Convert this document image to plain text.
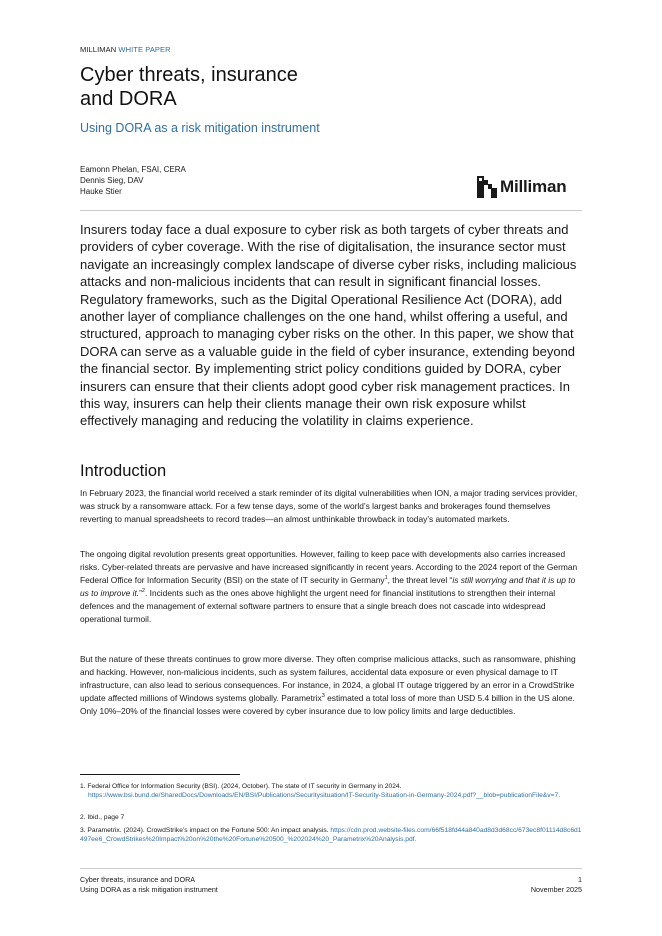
MILLIMAN WHITE PAPER
Cyber threats, insurance
and DORA
Using DORA as a risk mitigation instrument
Eamonn Phelan, FSAI, CERA
Dennis Sieg, DAV
Hauke Stier	Milliman

Insurers today face a dual exposure to cyber risk as both targets of cyber threats and providers of cyber coverage. With the rise of digitalisation, the insurance sector must navigate an increasingly complex landscape of diverse cyber risks, including malicious attacks and non-malicious incidents that can result in significant financial losses. Regulatory frameworks, such as the Digital Operational Resilience Act (DORA), add another layer of compliance challenges on the one hand, whilst offering a useful, and structured, approach to managing cyber risks on the other. In this paper, we show that DORA can serve as a valuable guide in the field of cyber insurance, extending beyond the financial sector. By implementing strict policy conditions guided by DORA, cyber insurers can ensure that their clients adopt good cyber risk management practices. In this way, insurers can help their clients manage their own risk exposure whilst effectively managing and reducing the volatility in claims experience.

Introduction

In February 2023, the financial world received a stark reminder of its digital vulnerabilities when ION, a major trading services provider, was struck by a ransomware attack. For a few tense days, some of the world’s largest banks and brokerages found themselves reverting to manual spreadsheets to record trades—an almost unthinkable throwback in today’s automated markets.

The ongoing digital revolution presents great opportunities. However, failing to keep pace with developments also carries increased risks. Cyber-related threats are pervasive and have increased significantly in recent years. According to the 2024 report of the German Federal Office for Information Security (BSI) on the state of IT security in Germany$^1$, the threat level “is still worrying and that it is up to us to improve it.”$^2$. Incidents such as the ones above highlight the urgent need for financial institutions to strengthen their internal defences and the management of external software partners to ensure that a single breach does not cascade into widespread operational turmoil.

But the nature of these threats continues to grow more diverse. They often comprise malicious attacks, such as ransomware, phishing and hacking. However, non-malicious incidents, such as system failures, accidental data exposure or even physical damage to IT infrastructure, can also lead to serious consequences. For instance, in 2024, a global IT outage triggered by an error in a CrowdStrike update affected millions of Windows systems globally. Parametrix$^3$ estimated a total loss of more than USD 5.4 billion in the US alone. Only 10%–20% of the financial losses were covered by cyber insurance due to low policy limits and large deductibles.

1. Federal Office for Information Security (BSI). (2024, October). The state of IT security in Germany in 2024.
https://www.bsi.bund.de/SharedDocs/Downloads/EN/BSI/Publications/Securitysituation/IT-Security-Situation-in-Germany-2024.pdf?__blob=publicationFile&v=7.

2. Ibid., page 7

3. Parametrix. (2024). CrowdStrike’s impact on the Fortune 500: An impact analysis. https://cdn.prod.website-files.com/66f518fd44a840ad8d3d68cc/673ec8f01114d8c6d1497ee6_CrowdStrikes%20Impact%20on%20the%20Fortune%20500_%202024%20_Parametrix%20Analysis.pdf.

Cyber threats, insurance and DORA
Using DORA as a risk mitigation instrument
1
November 2025
